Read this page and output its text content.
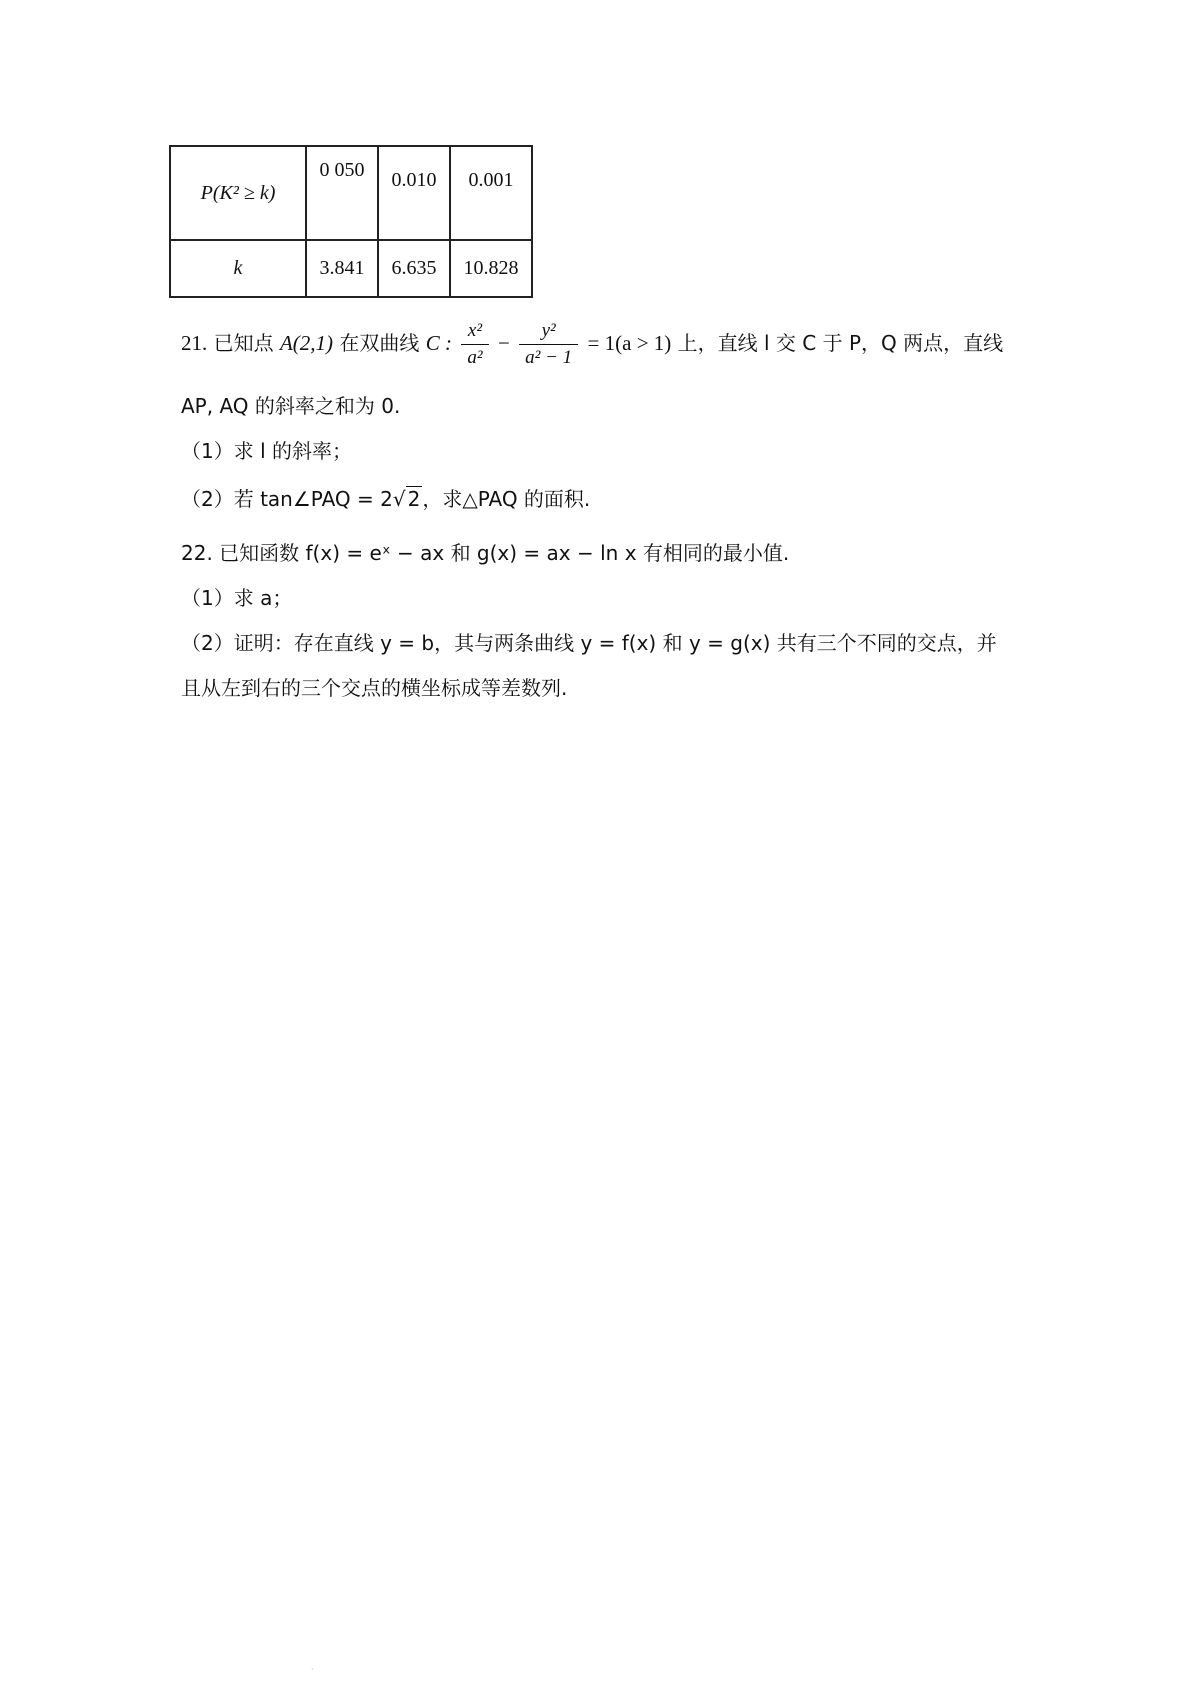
P(K² ≥ k)	0 050	0.010	0.001
k	3.841	6.635	10.828
21. 已知点 A(2,1) 在双曲线 C : $\frac{\text{x²}}{\text{a²}} - \frac{\text{y²}}{\text{a² − 1}} = 1(a > 1)$ 上，直线 l 交 C 于 P，Q 两点，直线
AP, AQ 的斜率之和为 0.
（1）求 l 的斜率；
（2）若 tan∠PAQ = 2√ 2 ，求△PAQ 的面积.
22. 已知函数 f(x) = eˣ − ax 和 g(x) = ax − ln x 有相同的最小值.
（1）求 a；
（2）证明：存在直线 y = b，其与两条曲线 y = f(x) 和 y = g(x) 共有三个不同的交点，并
且从左到右的三个交点的横坐标成等差数列.
·
